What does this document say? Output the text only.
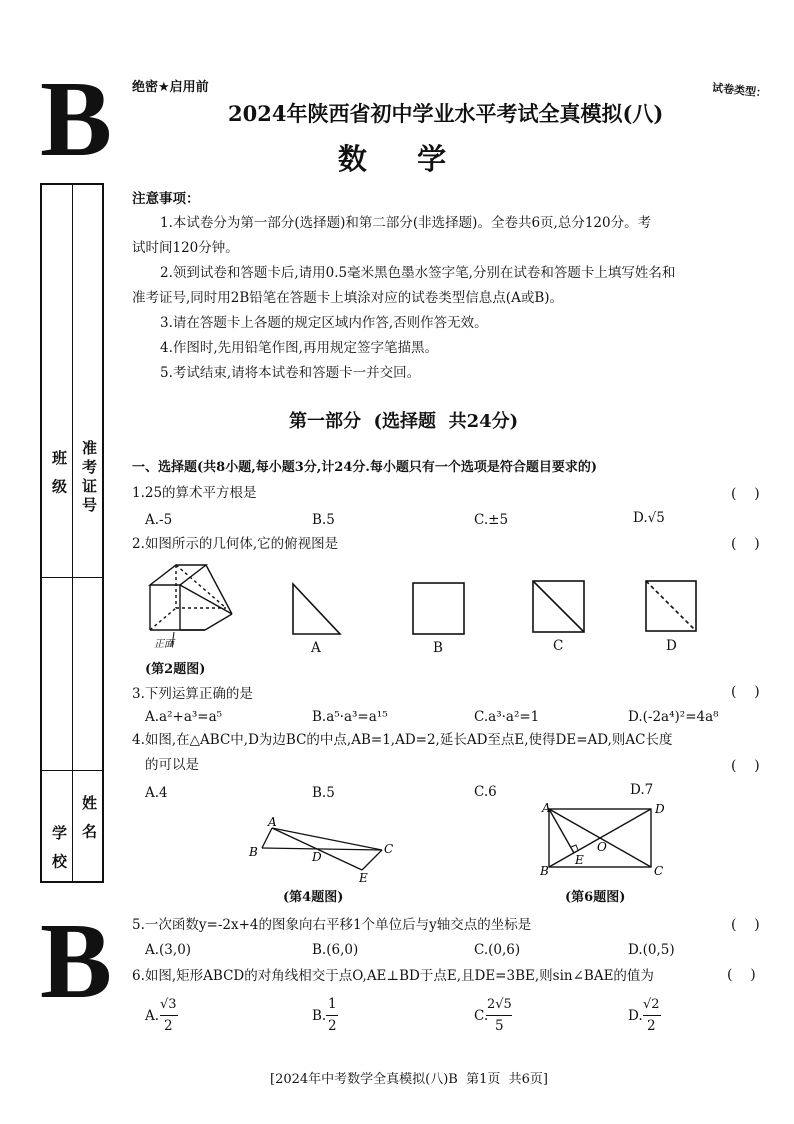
B
B
班 级 准考证号
学 校
姓 名
绝密★启用前	试卷类型：
2024年陕西省初中学业水平考试全真模拟(八)
数  学
注意事项：
1.本试卷分为第一部分(选择题)和第二部分(非选择题)。全卷共6页,总分120分。考
试时间120分钟。
2.领到试卷和答题卡后,请用0.5毫米黑色墨水签字笔,分别在试卷和答题卡上填写姓名和
准考证号,同时用2B铅笔在答题卡上填涂对应的试卷类型信息点(A或B)。
3.请在答题卡上各题的规定区域内作答,否则作答无效。
4.作图时,先用铅笔作图,再用规定签字笔描黑。
5.考试结束,请将本试卷和答题卡一并交回。
第一部分  (选择题  共24分)
一、选择题(共8小题,每小题3分,计24分.每小题只有一个选项是符合题目要求的)
1.25的算术平方根是	(    )
A.-5	B.5	C.±5	D.√5
2.如图所示的几何体,它的俯视图是	(    )
A
B	D
C
E
A	D
B	C
O
E
正面	A	B	C	D
(第2题图)
3.下列运算正确的是	(    )
A.a²+a³=a⁵	B.a⁵·a³=a¹⁵	C.a³·a²=1	D.(-2a⁴)²=4a⁸
4.如图,在△ABC中,D为边BC的中点,AB=1,AD=2,延长AD至点E,使得DE=AD,则AC长度
的可以是	(    )
A.4	B.5	C.6	D.7
(第4题图)	(第6题图)
5.一次函数y=-2x+4的图象向右平移1个单位后与y轴交点的坐标是	(    )
A.(3,0)	B.(6,0)	C.(0,6)	D.(0,5)
6.如图,矩形ABCD的对角线相交于点O,AE⊥BD于点E,且DE=3BE,则sin∠BAE的值为	(    )
A.
√3
2
B.
1
2
C.
2√5
5
D.
√2
2
[2024年中考数学全真模拟(八)B  第1页  共6页]
